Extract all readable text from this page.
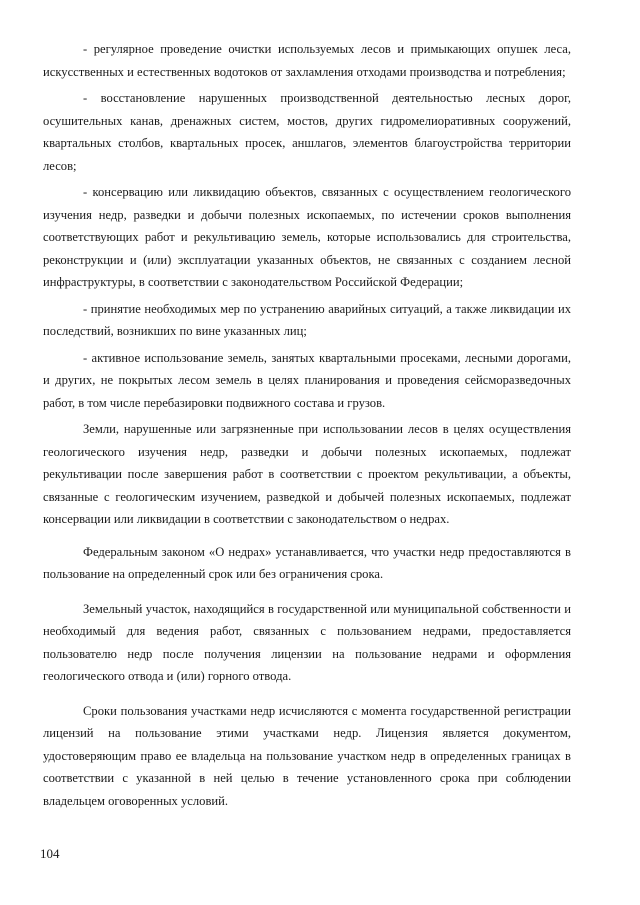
- регулярное проведение очистки используемых лесов и примыкающих опушек леса, искусственных и естественных водотоков от захламления отходами производства и потребления;

- восстановление нарушенных производственной деятельностью лесных дорог, осушительных канав, дренажных систем, мостов, других гидромелиоративных сооружений, квартальных столбов, квартальных просек, аншлагов, элементов благоустройства территории лесов;

- консервацию или ликвидацию объектов, связанных с осуществлением геологического изучения недр, разведки и добычи полезных ископаемых, по истечении сроков выполнения соответствующих работ и рекультивацию земель, которые использовались для строительства, реконструкции и (или) эксплуатации указанных объектов, не связанных с созданием лесной инфраструктуры, в соответствии с законодательством Российской Федерации;

- принятие необходимых мер по устранению аварийных ситуаций, а также ликвидации их последствий, возникших по вине указанных лиц;

- активное использование земель, занятых квартальными просеками, лесными дорогами, и других, не покрытых лесом земель в целях планирования и проведения сейсморазведочных работ, в том числе перебазировки подвижного состава и грузов.

Земли, нарушенные или загрязненные при использовании лесов в целях осуществления геологического изучения недр, разведки и добычи полезных ископаемых, подлежат рекультивации после завершения работ в соответствии с проектом рекультивации, а объекты, связанные с геологическим изучением, разведкой и добычей полезных ископаемых, подлежат консервации или ликвидации в соответствии с законодательством о недрах.

Федеральным законом «О недрах» устанавливается, что участки недр предоставляются в пользование на определенный срок или без ограничения срока.

Земельный участок, находящийся в государственной или муниципальной собственности и необходимый для ведения работ, связанных с пользованием недрами, предоставляется пользователю недр после получения лицензии на пользование недрами и оформления геологического отвода и (или) горного отвода.

Сроки пользования участками недр исчисляются с момента государственной регистрации лицензий на пользование этими участками недр. Лицензия является документом, удостоверяющим право ее владельца на пользование участком недр в определенных границах в соответствии с указанной в ней целью в течение установленного срока при соблюдении владельцем оговоренных условий.

104
